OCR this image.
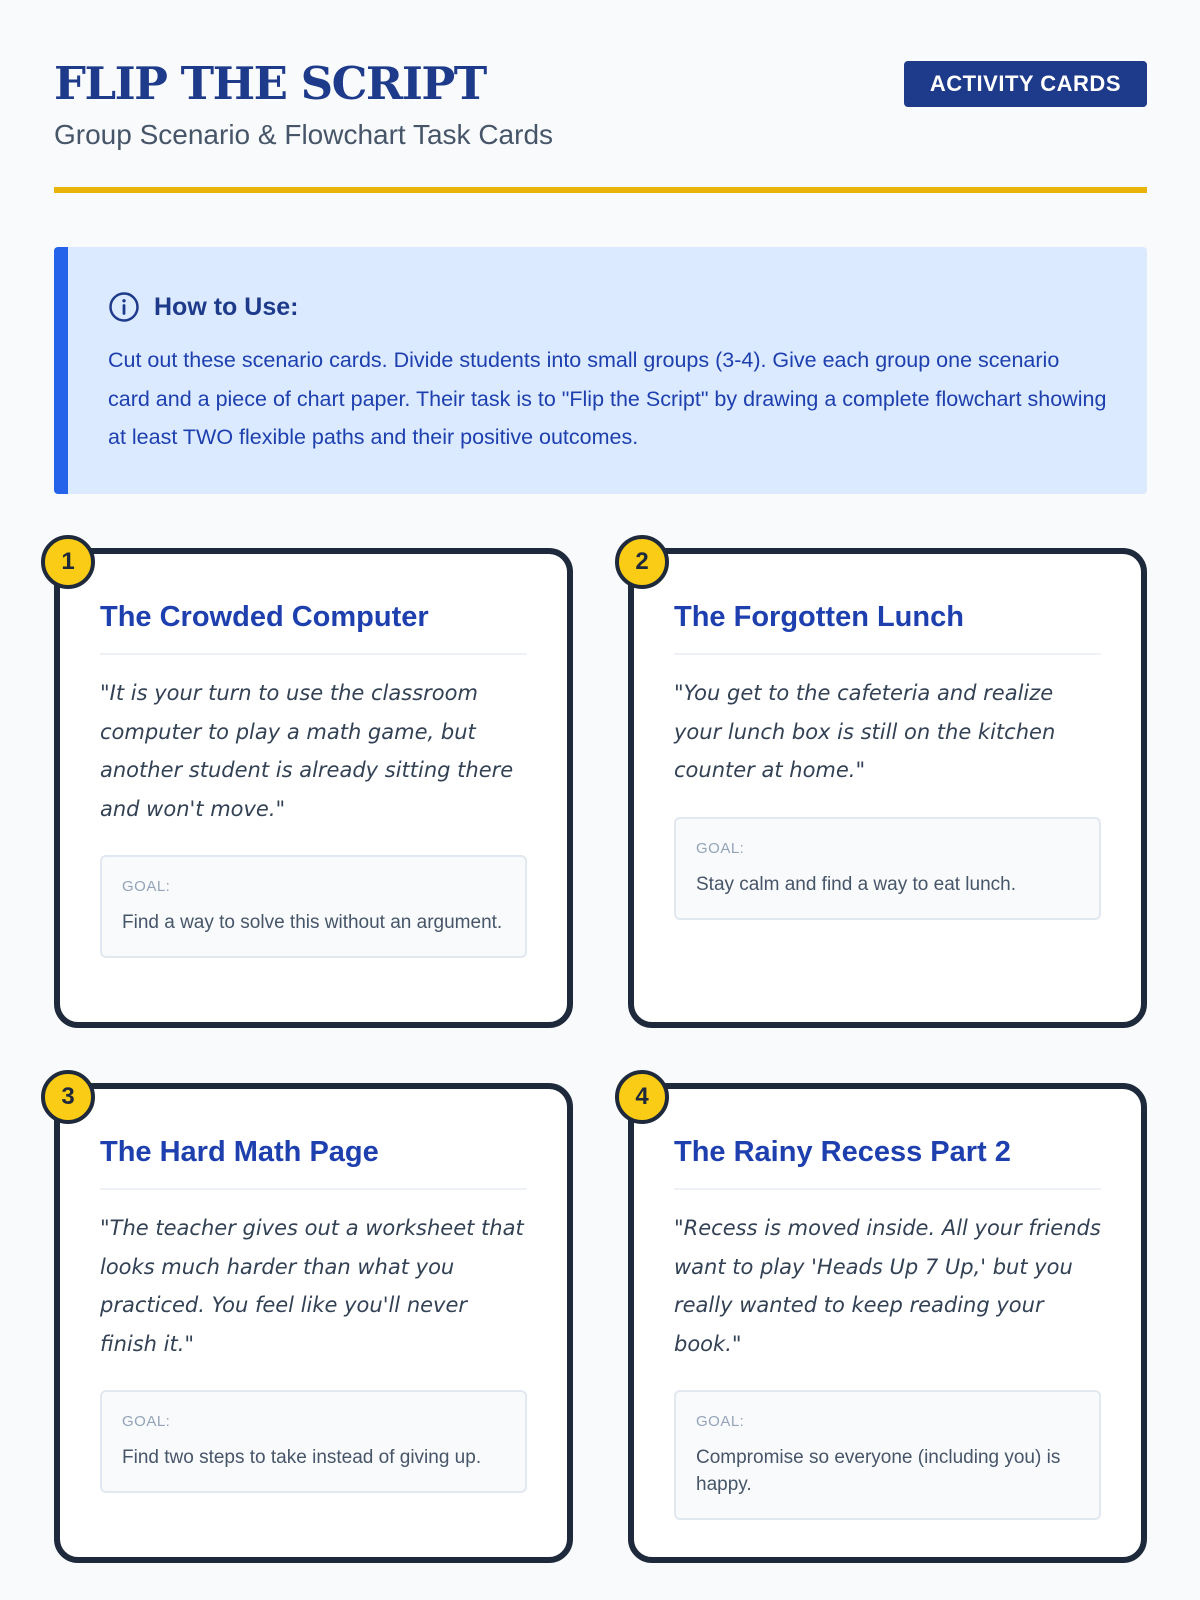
FLIP THE SCRIPT
Group Scenario & Flowchart Task Cards
ACTIVITY CARDS
How to Use:

Cut out these scenario cards. Divide students into small groups (3-4). Give each group one scenario card and a piece of chart paper. Their task is to "Flip the Script" by drawing a complete flowchart showing at least TWO flexible paths and their positive outcomes.

1
The Crowded Computer

"It is your turn to use the classroom computer to play a math game, but another student is already sitting there and won't move."

GOAL:
Find a way to solve this without an argument.
2
The Forgotten Lunch

"You get to the cafeteria and realize your lunch box is still on the kitchen counter at home."

GOAL:
Stay calm and find a way to eat lunch.
3
The Hard Math Page

"The teacher gives out a worksheet that looks much harder than what you practiced. You feel like you'll never finish it."

GOAL:
Find two steps to take instead of giving up.
4
The Rainy Recess Part 2

"Recess is moved inside. All your friends want to play 'Heads Up 7 Up,' but you really wanted to keep reading your book."

GOAL:
Compromise so everyone (including you) is happy.
